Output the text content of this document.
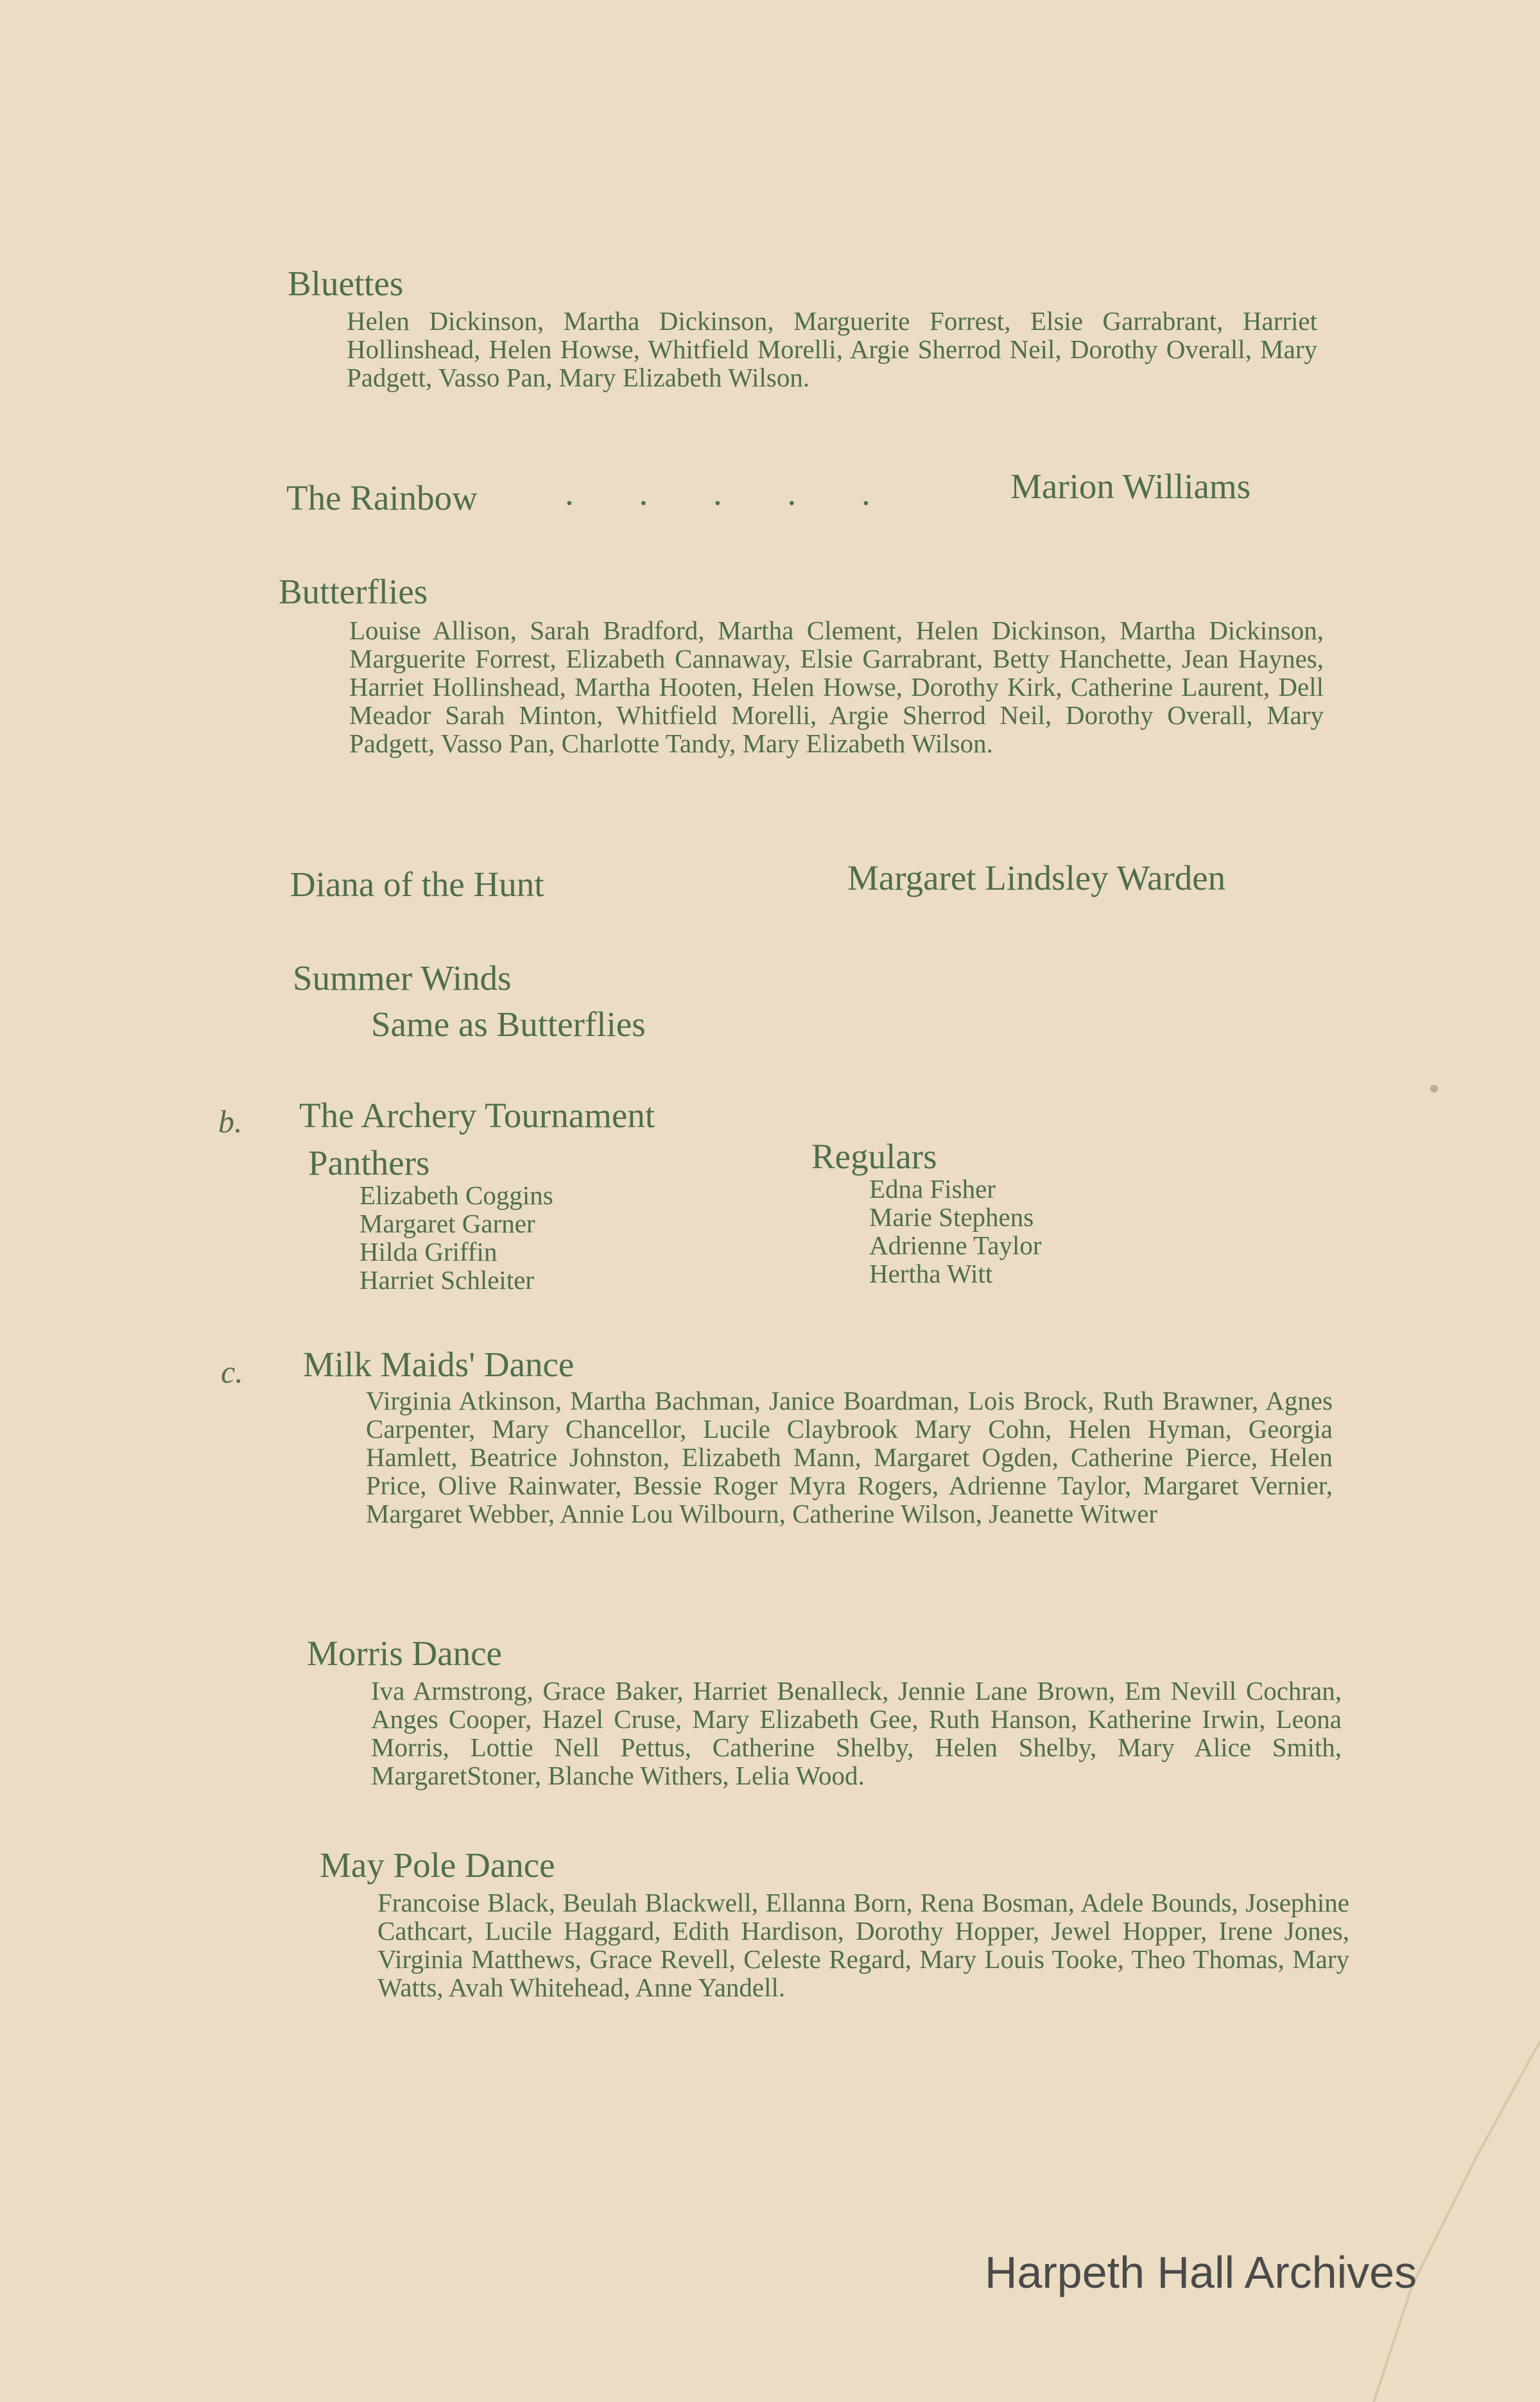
Bluettes
Helen Dickinson, Martha Dickinson, Marguerite Forrest, Elsie Garrabrant, Harriet Hollinshead, Helen Howse, Whitfield Morelli, Argie Sherrod Neil, Dorothy Overall, Mary Padgett, Vasso Pan, Mary Elizabeth Wilson.
The Rainbow . . . . .	Marion Williams
Butterflies
Louise Allison, Sarah Bradford, Martha Clement, Helen Dickinson, Martha Dickinson, Marguerite Forrest, Elizabeth Cannaway, Elsie Garrabrant, Betty Hanchette, Jean Haynes, Harriet Hollinshead, Martha Hooten, Helen Howse, Dorothy Kirk, Catherine Laurent, Dell Meador Sarah Minton, Whitfield Morelli, Argie Sherrod Neil, Dorothy Overall, Mary Padgett, Vasso Pan, Charlotte Tandy, Mary Elizabeth Wilson.
Diana of the Hunt	Margaret Lindsley Warden
Summer Winds
Same as Butterflies
b. The Archery Tournament
Panthers
Elizabeth Coggins
Margaret Garner
Hilda Griffin
Harriet Schleiter
Regulars
Edna Fisher
Marie Stephens
Adrienne Taylor
Hertha Witt
c. Milk Maids' Dance
Virginia Atkinson, Martha Bachman, Janice Boardman, Lois Brock, Ruth Brawner, Agnes Carpenter, Mary Chancellor, Lucile Claybrook Mary Cohn, Helen Hyman, Georgia Hamlett, Beatrice Johnston, Elizabeth Mann, Margaret Ogden, Catherine Pierce, Helen Price, Olive Rainwater, Bessie Roger Myra Rogers, Adrienne Taylor, Margaret Vernier, Margaret Webber, Annie Lou Wilbourn, Catherine Wilson, Jeanette Witwer
Morris Dance
Iva Armstrong, Grace Baker, Harriet Benalleck, Jennie Lane Brown, Em Nevill Cochran, Anges Cooper, Hazel Cruse, Mary Elizabeth Gee, Ruth Hanson, Katherine Irwin, Leona Morris, Lottie Nell Pettus, Catherine Shelby, Helen Shelby, Mary Alice Smith, MargaretStoner, Blanche Withers, Lelia Wood.
May Pole Dance
Francoise Black, Beulah Blackwell, Ellanna Born, Rena Bosman, Adele Bounds, Josephine Cathcart, Lucile Haggard, Edith Hardison, Dorothy Hopper, Jewel Hopper, Irene Jones, Virginia Matthews, Grace Revell, Celeste Regard, Mary Louis Tooke, Theo Thomas, Mary Watts, Avah Whitehead, Anne Yandell.
Harpeth Hall Archives
